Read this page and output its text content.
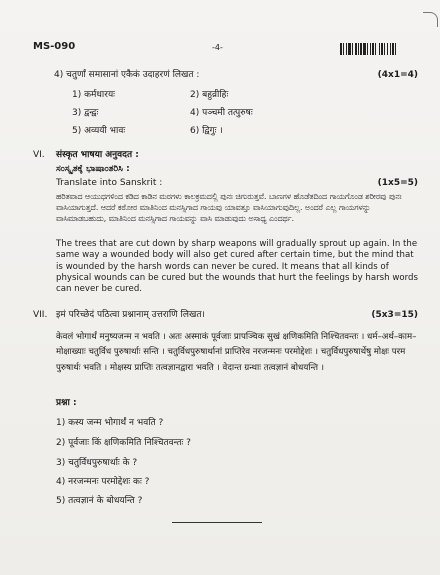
MS-090	-4-
4) चतुर्णां समासानां एकैकं उदाहरणं लिखत :	(4x1=4)
1) कर्मधारयः	2) बहुव्रीहिः
3) द्वन्द्वः	4) पञ्चमी तत्पुरुषः
5) अव्ययी भावः	6) द्विगुः ।
VI. संस्कृत भाषया अनुवदत :
ಸಂಸ್ಕೃತಕ್ಕೆ ಭಾಷಾಂತರಿಸಿ :
Translate into Sanskrit :	(1x5=5)
ಹರಿತವಾದ ಆಯುಧಗಳಿಂದ ಕಡಿದ ಕಾಡಿನ ಮರಗಳು ಕಾಲಕ್ರಮದಲ್ಲಿ ಪುನಃ ಚಿಗುರುತ್ತವೆ. ಬಾಣಗಳ ಹೊಡೆತದಿಂದ ಗಾಯಗೊಂಡ ಶರೀರವು ಪುನಃ ವಾಸಿಯಾಗುತ್ತದೆ. ಆದರೆ ಕಠೋರ ಮಾತಿನಿಂದ ಮನಸ್ಸಿಗಾದ ಗಾಯವು ಯಾವತ್ತೂ ವಾಸಿಯಾಗುವುದಿಲ್ಲ. ಅಂದರೆ ಎಲ್ಲ ಗಾಯಗಳನ್ನು ವಾಸಿಮಾಡಬಹುದು, ಮಾತಿನಿಂದ ಮನಸ್ಸಿಗಾದ ಗಾಯವನ್ನು ವಾಸಿ ಮಾಡುವುದು ಅಸಾಧ್ಯ ಎಂದರ್ಥ.
The trees that are cut down by sharp weapons will gradually sprout up again. In the same way a wounded body will also get cured after certain time, but the mind that is wounded by the harsh words can never be cured. It means that all kinds of physical wounds can be cured but the wounds that hurt the feelings by harsh words can never be cured.
VII. इमं परिच्छेदं पठित्वा प्रश्नानाम् उत्तराणि लिखत।	(5x3=15)
केवलं भोगार्थं मनुष्यजन्म न भवति । अतः अस्माकं पूर्वजाः प्रापञ्चिक सुखं क्षणिकमिति निश्चितवन्तः । धर्म–अर्थ–काम–मोक्षाख्याः चतुर्विध पुरुषार्थाः सन्ति । चतुर्विधपुरुषार्थानां प्राप्तिरेव नरजन्मनः परमोद्देशः । चतुर्विधपुरुषार्थेषु मोक्षः परम पुरुषार्थः भवति । मोक्षस्य प्राप्तिः तत्वज्ञानद्वारा भवति । वेदान्त ग्रन्थाः तत्वज्ञानं बोधयन्ति ।
प्रश्ना :
1) कस्य जन्म भोगार्थं न भवति ?
2) पूर्वजाः किं क्षणिकमिति निश्चितवन्तः ?
3) चतुर्विधपुरुषार्थाः के ?
4) नरजन्मनः परमोद्देशः कः ?
5) तत्वज्ञानं के बोधयन्ति ?
